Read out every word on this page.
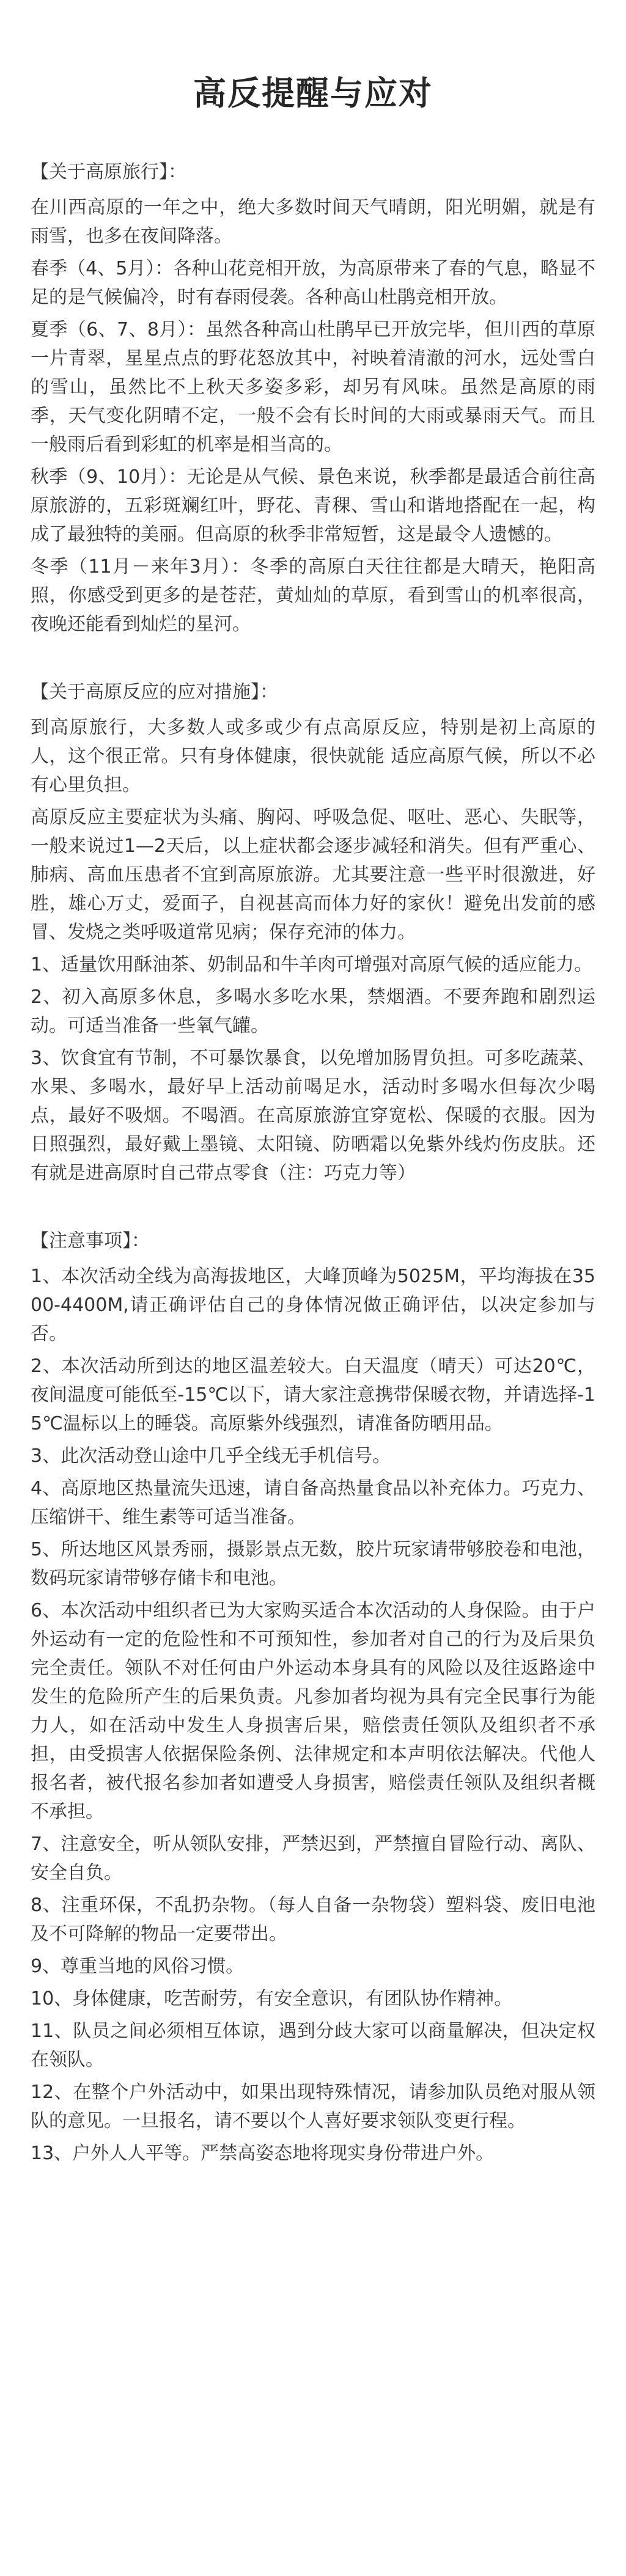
高反提醒与应对
【关于高原旅行】：

在川西高原的一年之中，绝大多数时间天气晴朗，阳光明媚，就是有雨雪，也多在夜间降落。

春季（4、5月）：各种山花竞相开放，为高原带来了春的气息，略显不足的是气候偏冷，时有春雨侵袭。各种高山杜鹃竞相开放。

夏季（6、7、8月）：虽然各种高山杜鹃早已开放完毕，但川西的草原一片青翠，星星点点的野花怒放其中，衬映着清澈的河水，远处雪白的雪山，虽然比不上秋天多姿多彩，却另有风味。虽然是高原的雨季，天气变化阴晴不定，一般不会有长时间的大雨或暴雨天气。而且一般雨后看到彩虹的机率是相当高的。

秋季（9、10月）：无论是从气候、景色来说，秋季都是最适合前往高原旅游的，五彩斑斓红叶，野花、青稞、雪山和谐地搭配在一起，构成了最独特的美丽。但高原的秋季非常短暂，这是最令人遗憾的。

冬季（11月－来年3月）：冬季的高原白天往往都是大晴天，艳阳高照，你感受到更多的是苍茫，黄灿灿的草原，看到雪山的机率很高，夜晚还能看到灿烂的星河。

【关于高原反应的应对措施】：

到高原旅行，大多数人或多或少有点高原反应，特别是初上高原的人，这个很正常。只有身体健康，很快就能 适应高原气候，所以不必有心里负担。

高原反应主要症状为头痛、胸闷、呼吸急促、呕吐、恶心、失眠等，一般来说过1—2天后，以上症状都会逐步减轻和消失。但有严重心、肺病、高血压患者不宜到高原旅游。尤其要注意一些平时很激进，好胜，雄心万丈，爱面子，自视甚高而体力好的家伙！避免出发前的感冒、发烧之类呼吸道常见病；保存充沛的体力。

1、适量饮用酥油茶、奶制品和牛羊肉可增强对高原气候的适应能力。

2、初入高原多休息，多喝水多吃水果，禁烟酒。不要奔跑和剧烈运动。可适当准备一些氧气罐。

3、饮食宜有节制，不可暴饮暴食，以免增加肠胃负担。可多吃蔬菜、水果、多喝水，最好早上活动前喝足水，活动时多喝水但每次少喝点，最好不吸烟。不喝酒。在高原旅游宜穿宽松、保暖的衣服。因为日照强烈，最好戴上墨镜、太阳镜、防晒霜以免紫外线灼伤皮肤。还有就是进高原时自己带点零食（注：巧克力等）

【注意事项】：

1、本次活动全线为高海拔地区，大峰顶峰为5025M，平均海拔在3500-4400M,请正确评估自己的身体情况做正确评估，以决定参加与否。

2、本次活动所到达的地区温差较大。白天温度（晴天）可达20℃，夜间温度可能低至-15℃以下，请大家注意携带保暖衣物，并请选择-15℃温标以上的睡袋。高原紫外线强烈，请准备防晒用品。

3、此次活动登山途中几乎全线无手机信号。

4、高原地区热量流失迅速，请自备高热量食品以补充体力。巧克力、压缩饼干、维生素等可适当准备。

5、所达地区风景秀丽，摄影景点无数，胶片玩家请带够胶卷和电池，数码玩家请带够存储卡和电池。

6、本次活动中组织者已为大家购买适合本次活动的人身保险。由于户外运动有一定的危险性和不可预知性，参加者对自己的行为及后果负完全责任。领队不对任何由户外运动本身具有的风险以及往返路途中发生的危险所产生的后果负责。凡参加者均视为具有完全民事行为能力人，如在活动中发生人身损害后果，赔偿责任领队及组织者不承担，由受损害人依据保险条例、法律规定和本声明依法解决。代他人报名者，被代报名参加者如遭受人身损害，赔偿责任领队及组织者概不承担。

7、注意安全，听从领队安排，严禁迟到，严禁擅自冒险行动、离队、安全自负。

8、注重环保，不乱扔杂物。（每人自备一杂物袋）塑料袋、废旧电池及不可降解的物品一定要带出。

9、尊重当地的风俗习惯。

10、身体健康，吃苦耐劳，有安全意识，有团队协作精神。

11、队员之间必须相互体谅，遇到分歧大家可以商量解决，但决定权在领队。

12、在整个户外活动中，如果出现特殊情况，请参加队员绝对服从领队的意见。一旦报名，请不要以个人喜好要求领队变更行程。

13、户外人人平等。严禁高姿态地将现实身份带进户外。
